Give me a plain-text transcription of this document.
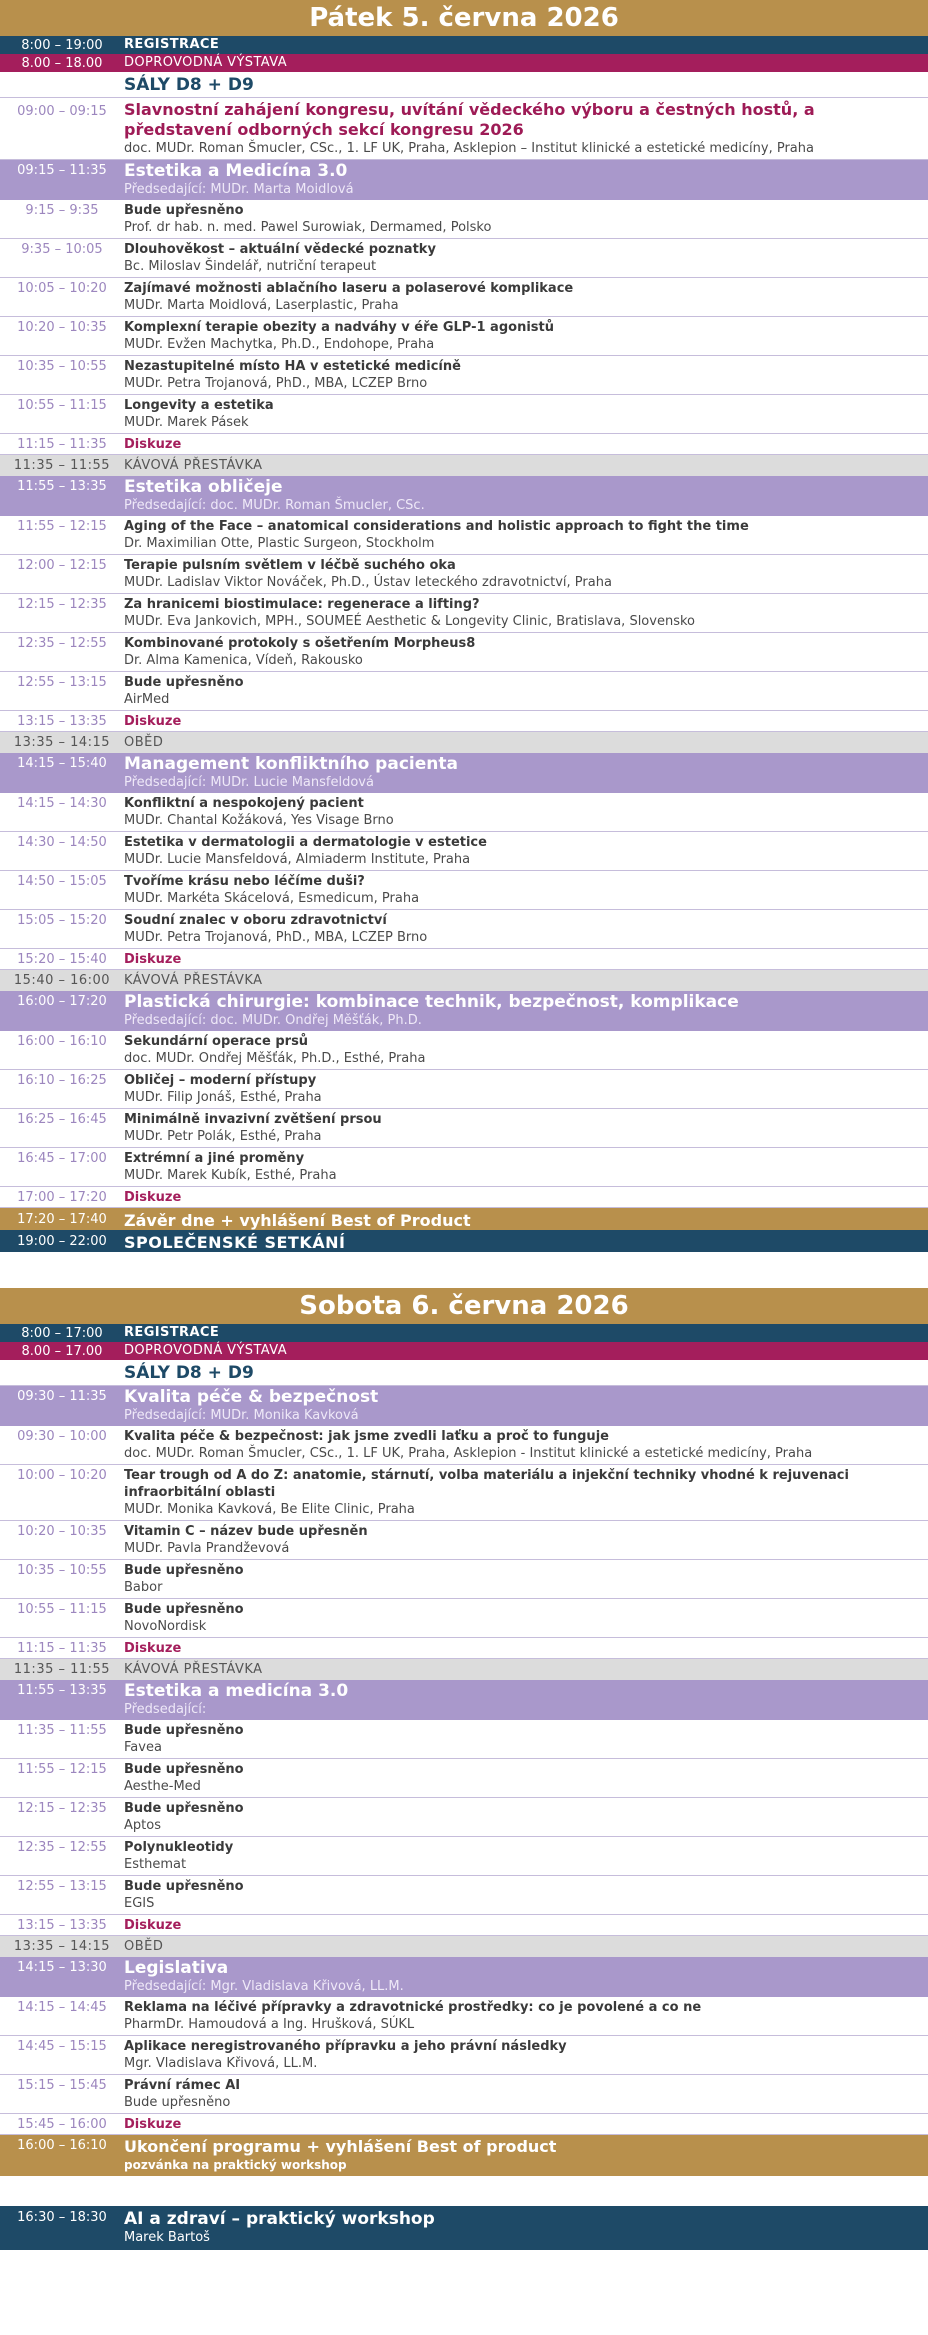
Pátek 5. června 2026
8:00 – 19:00	REGISTRACE
8.00 – 18.00	DOPROVODNÁ VÝSTAVA
SÁLY D8 + D9
09:00 – 09:15	Slavnostní zahájení kongresu, uvítání vědeckého výboru a čestných hostů, a představení odborných sekcí kongresu 2026
doc. MUDr. Roman Šmucler, CSc., 1. LF UK, Praha, Asklepion – Institut klinické a estetické medicíny, Praha
09:15 – 11:35	Estetika a Medicína 3.0
Předsedající: MUDr. Marta Moidlová
9:15 – 9:35	Bude upřesněno
Prof. dr hab. n. med. Pawel Surowiak, Dermamed, Polsko
9:35 – 10:05	Dlouhověkost – aktuální vědecké poznatky
Bc. Miloslav Šindelář, nutriční terapeut
10:05 – 10:20	Zajímavé možnosti ablačního laseru a polaserové komplikace
MUDr. Marta Moidlová, Laserplastic, Praha
10:20 – 10:35	Komplexní terapie obezity a nadváhy v éře GLP-1 agonistů
MUDr. Evžen Machytka, Ph.D., Endohope, Praha
10:35 – 10:55	Nezastupitelné místo HA v estetické medicíně
MUDr. Petra Trojanová, PhD., MBA, LCZEP Brno
10:55 – 11:15	Longevity a estetika
MUDr. Marek Pásek
11:15 – 11:35	Diskuze
11:35 – 11:55	KÁVOVÁ PŘESTÁVKA
11:55 – 13:35	Estetika obličeje
Předsedající: doc. MUDr. Roman Šmucler, CSc.
11:55 – 12:15	Aging of the Face – anatomical considerations and holistic approach to fight the time
Dr. Maximilian Otte, Plastic Surgeon, Stockholm
12:00 – 12:15	Terapie pulsním světlem v léčbě suchého oka
MUDr. Ladislav Viktor Nováček, Ph.D., Ústav leteckého zdravotnictví, Praha
12:15 – 12:35	Za hranicemi biostimulace: regenerace a lifting?
MUDr. Eva Jankovich, MPH., SOUMEÉ Aesthetic & Longevity Clinic, Bratislava, Slovensko
12:35 – 12:55	Kombinované protokoly s ošetřením Morpheus8
Dr. Alma Kamenica, Vídeň, Rakousko
12:55 – 13:15	Bude upřesněno
AirMed
13:15 – 13:35	Diskuze
13:35 – 14:15	OBĚD
14:15 – 15:40	Management konfliktního pacienta
Předsedající: MUDr. Lucie Mansfeldová
14:15 – 14:30	Konfliktní a nespokojený pacient
MUDr. Chantal Kožáková, Yes Visage Brno
14:30 – 14:50	Estetika v dermatologii a dermatologie v estetice
MUDr. Lucie Mansfeldová, Almiaderm Institute, Praha
14:50 – 15:05	Tvoříme krásu nebo léčíme duši?
MUDr. Markéta Skácelová, Esmedicum, Praha
15:05 – 15:20	Soudní znalec v oboru zdravotnictví
MUDr. Petra Trojanová, PhD., MBA, LCZEP Brno
15:20 – 15:40	Diskuze
15:40 – 16:00	KÁVOVÁ PŘESTÁVKA
16:00 – 17:20	Plastická chirurgie: kombinace technik, bezpečnost, komplikace
Předsedající: doc. MUDr. Ondřej Měšťák, Ph.D.
16:00 – 16:10	Sekundární operace prsů
doc. MUDr. Ondřej Měšťák, Ph.D., Esthé, Praha
16:10 – 16:25	Obličej – moderní přístupy
MUDr. Filip Jonáš, Esthé, Praha
16:25 – 16:45	Minimálně invazivní zvětšení prsou
MUDr. Petr Polák, Esthé, Praha
16:45 – 17:00	Extrémní a jiné proměny
MUDr. Marek Kubík, Esthé, Praha
17:00 – 17:20	Diskuze
17:20 – 17:40	Závěr dne + vyhlášení Best of Product
19:00 – 22:00	SPOLEČENSKÉ SETKÁNÍ
Sobota 6. června 2026
8:00 – 17:00	REGISTRACE
8.00 – 17.00	DOPROVODNÁ VÝSTAVA
SÁLY D8 + D9
09:30 – 11:35	Kvalita péče & bezpečnost
Předsedající: MUDr. Monika Kavková
09:30 – 10:00	Kvalita péče & bezpečnost: jak jsme zvedli laťku a proč to funguje
doc. MUDr. Roman Šmucler, CSc., 1. LF UK, Praha, Asklepion - Institut klinické a estetické medicíny, Praha
10:00 – 10:20	Tear trough od A do Z: anatomie, stárnutí, volba materiálu a injekční techniky vhodné k rejuvenaci infraorbitální oblasti
MUDr. Monika Kavková, Be Elite Clinic, Praha
10:20 – 10:35	Vitamin C – název bude upřesněn
MUDr. Pavla Prandževová
10:35 – 10:55	Bude upřesněno
Babor
10:55 – 11:15	Bude upřesněno
NovoNordisk
11:15 – 11:35	Diskuze
11:35 – 11:55	KÁVOVÁ PŘESTÁVKA
11:55 – 13:35	Estetika a medicína 3.0
Předsedající:
11:35 – 11:55	Bude upřesněno
Favea
11:55 – 12:15	Bude upřesněno
Aesthe-Med
12:15 – 12:35	Bude upřesněno
Aptos
12:35 – 12:55	Polynukleotidy
Esthemat
12:55 – 13:15	Bude upřesněno
EGIS
13:15 – 13:35	Diskuze
13:35 – 14:15	OBĚD
14:15 – 13:30	Legislativa
Předsedající: Mgr. Vladislava Křivová, LL.M.
14:15 – 14:45	Reklama na léčivé přípravky a zdravotnické prostředky: co je povolené a co ne
PharmDr. Hamoudová a Ing. Hrušková, SÚKL
14:45 – 15:15	Aplikace neregistrovaného přípravku a jeho právní následky
Mgr. Vladislava Křivová, LL.M.
15:15 – 15:45	Právní rámec AI
Bude upřesněno
15:45 – 16:00	Diskuze
16:00 – 16:10	Ukončení programu + vyhlášení Best of product
pozvánka na praktický workshop
16:30 – 18:30	AI a zdraví – praktický workshop
Marek Bartoš
